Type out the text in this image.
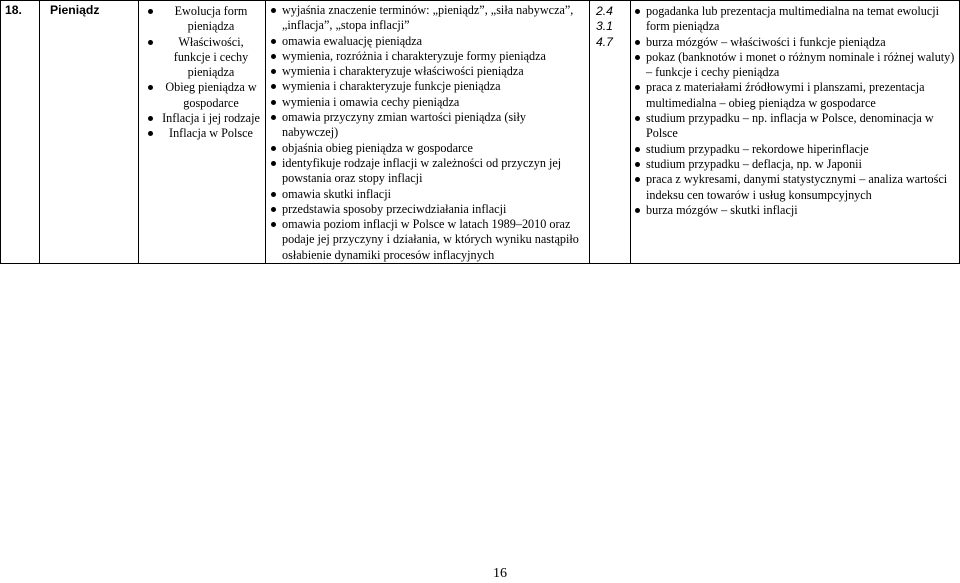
18.	Pieniądz	Ewolucja form pieniądza
Właściwości, funkcje i cechy pieniądza
Obieg pieniądza w gospodarce
Inflacja i jej rodzaje
Inflacja w Polsce

wyjaśnia znaczenie terminów: „pieniądz”, „siła nabywcza”, „inflacja”, „stopa inflacji”
omawia ewaluację pieniądza
wymienia, rozróżnia i charakteryzuje formy pieniądza
wymienia i charakteryzuje właściwości pieniądza
wymienia i charakteryzuje funkcje pieniądza
wymienia i omawia cechy pieniądza
omawia przyczyny zmian wartości pieniądza (siły nabywczej)
objaśnia obieg pieniądza w gospodarce
identyfikuje rodzaje inflacji w zależności od przyczyn jej powstania oraz stopy inflacji
omawia skutki inflacji
przedstawia sposoby przeciwdziałania inflacji
omawia poziom inflacji w Polsce w latach 1989–2010 oraz podaje jej przyczyny i działania, w których wyniku nastąpiło osłabienie dynamiki procesów inflacyjnych

2.4
3.1
4.7

pogadanka lub prezentacja multimedialna na temat ewolucji form pieniądza
burza mózgów – właściwości i funkcje pieniądza
pokaz (banknotów i monet o różnym nominale i różnej waluty) – funkcje i cechy pieniądza
praca z materiałami źródłowymi i planszami, prezentacja multimedialna – obieg pieniądza w gospodarce
studium przypadku – np. inflacja w Polsce, denominacja w Polsce
studium przypadku – rekordowe hiperinflacje
studium przypadku – deflacja, np. w Japonii
praca z wykresami, danymi statystycznymi – analiza wartości indeksu cen towarów i usług konsumpcyjnych
burza mózgów – skutki inflacji
16
